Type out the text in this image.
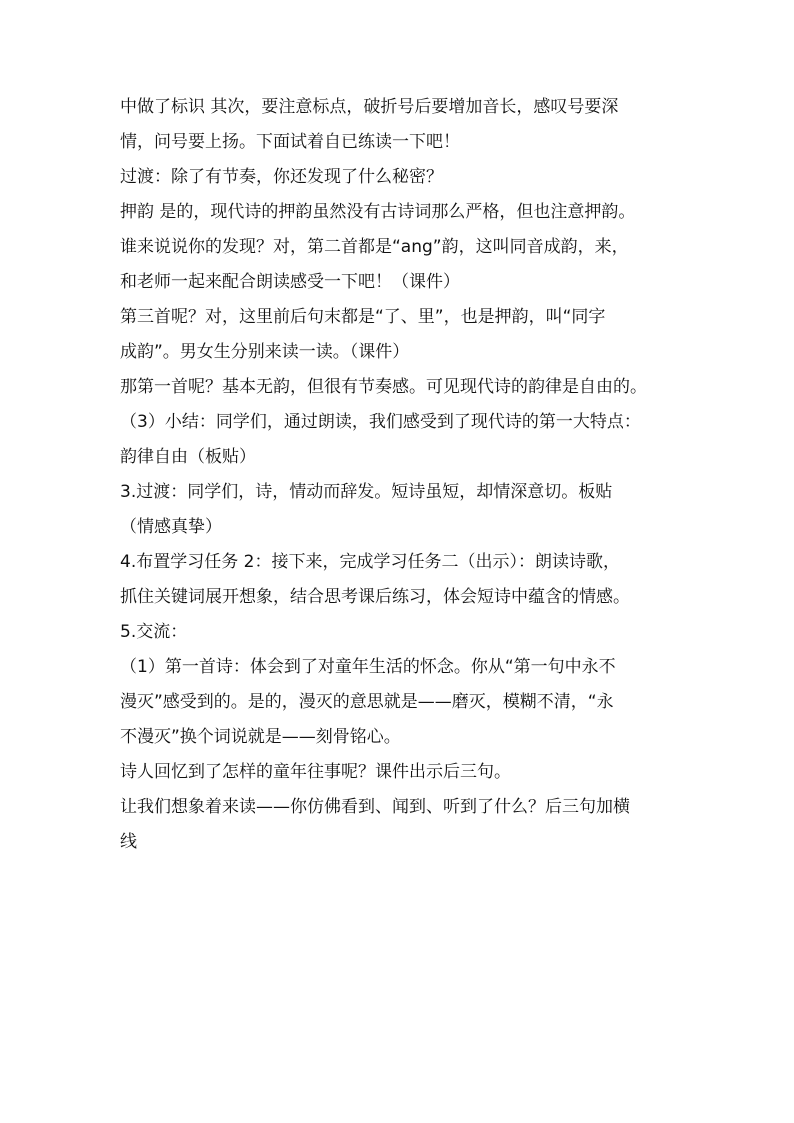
中做了标识 其次，要注意标点，破折号后要增加音长，感叹号要深

情，问号要上扬。下面试着自已练读一下吧！

过渡：除了有节奏，你还发现了什么秘密？

押韵 是的，现代诗的押韵虽然没有古诗词那么严格，但也注意押韵。

谁来说说你的发现？对，第二首都是“ang”韵，这叫同音成韵，来，

和老师一起来配合朗读感受一下吧！（课件）

第三首呢？对，这里前后句末都是“了、里”，也是押韵，叫“同字

成韵”。男女生分别来读一读。（课件）

那第一首呢？基本无韵，但很有节奏感。可见现代诗的韵律是自由的。

（3）小结：同学们，通过朗读，我们感受到了现代诗的第一大特点：

韵律自由（板贴）

3.过渡：同学们，诗，情动而辞发。短诗虽短，却情深意切。板贴

（情感真挚）

4.布置学习任务 2：接下来，完成学习任务二（出示）：朗读诗歌，

抓住关键词展开想象，结合思考课后练习，体会短诗中蕴含的情感。

5.交流：

（1）第一首诗：体会到了对童年生活的怀念。你从“第一句中永不

漫灭”感受到的。是的，漫灭的意思就是——磨灭，模糊不清，“永

不漫灭”换个词说就是——刻骨铭心。

诗人回忆到了怎样的童年往事呢？课件出示后三句。

让我们想象着来读——你仿佛看到、闻到、听到了什么？后三句加横

线
